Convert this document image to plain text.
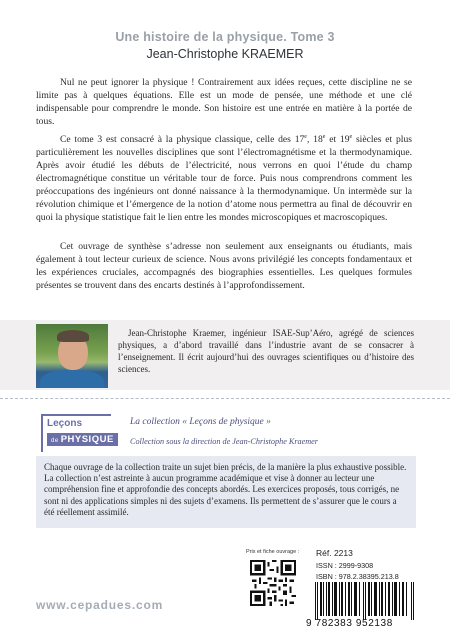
Une histoire de la physique. Tome 3
Jean-Christophe KRAEMER

Nul ne peut ignorer la physique ! Contrairement aux idées reçues, cette discipline ne se limite pas à quelques équations. Elle est un mode de pensée, une méthode et une clé indispensable pour comprendre le monde. Son histoire est une entrée en matière à la portée de tous.

Ce tome 3 est consacré à la physique classique, celle des 17e, 18e et 19e siècles et plus particulièrement les nouvelles disciplines que sont l’électromagnétisme et la thermodynamique. Après avoir étudié les débuts de l’électricité, nous verrons en quoi l’étude du champ électromagnétique constitue un véritable tour de force. Puis nous comprendrons comment les préoccupations des ingénieurs ont donné naissance à la thermodynamique. Un intermède sur la révolution chimique et l’émergence de la notion d’atome nous permettra au final de découvrir en quoi la physique statistique fait le lien entre les mondes microscopiques et macroscopiques.

Cet ouvrage de synthèse s’adresse non seulement aux enseignants ou étudiants, mais également à tout lecteur curieux de science. Nous avons privilégié les concepts fondamentaux et les expériences cruciales, accompagnés des biographies essentielles. Les quelques formules présentes se trouvent dans des encarts destinés à l’approfondissement.

Jean-Christophe Kraemer, ingénieur ISAE-Sup’Aéro, agrégé de sciences physiques, a d’abord travaillé dans l’industrie avant de se consacrer à l’enseignement. Il écrit aujourd’hui des ouvrages scientifiques ou d’histoire des sciences.

Leçons
de PHYSIQUE
La collection « Leçons de physique »
Collection sous la direction de Jean-Christophe Kraemer

Chaque ouvrage de la collection traite un sujet bien précis, de la manière la plus exhaustive possible. La collection n’est astreinte à aucun programme académique et vise à donner au lecteur une compréhension fine et approfondie des concepts abordés. Les exercices proposés, tous corrigés, ne sont ni des applications simples ni des sujets d’examens. Ils permettent de s’assurer que le cours a été réellement assimilé.

Prix et fiche ouvrage : Réf. 2213
ISSN : 2999-9308
ISBN : 978.2.38395.213.8
9 782383 952138
www.cepadues.com
